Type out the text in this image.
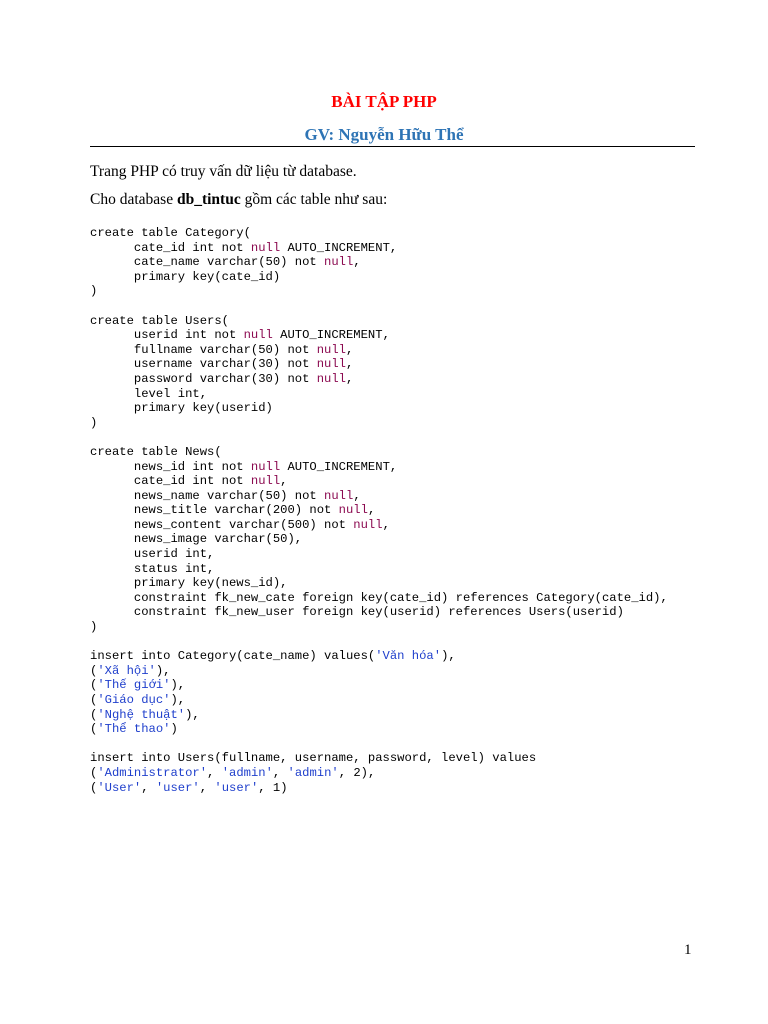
BÀI TẬP PHP
GV: Nguyễn Hữu Thể

Trang PHP có truy vấn dữ liệu từ database.

Cho database db_tintuc gồm các table như sau:

create table Category(
cate_id int not null AUTO_INCREMENT,
cate_name varchar(50) not null,
primary key(cate_id)
)
create table Users(
userid int not null AUTO_INCREMENT,
fullname varchar(50) not null,
username varchar(30) not null,
password varchar(30) not null,
level int,
primary key(userid)
)
create table News(
news_id int not null AUTO_INCREMENT,
cate_id int not null,
news_name varchar(50) not null,
news_title varchar(200) not null,
news_content varchar(500) not null,
news_image varchar(50),
userid int,
status int,
primary key(news_id),
constraint fk_new_cate foreign key(cate_id) references Category(cate_id),
constraint fk_new_user foreign key(userid) references Users(userid)
)
insert into Category(cate_name) values('Văn hóa'),
('Xã hội'),
('Thế giới'),
('Giáo dục'),
('Nghệ thuật'),
('Thể thao')
insert into Users(fullname, username, password, level) values
('Administrator', 'admin', 'admin', 2),
('User', 'user', 'user', 1)
1
